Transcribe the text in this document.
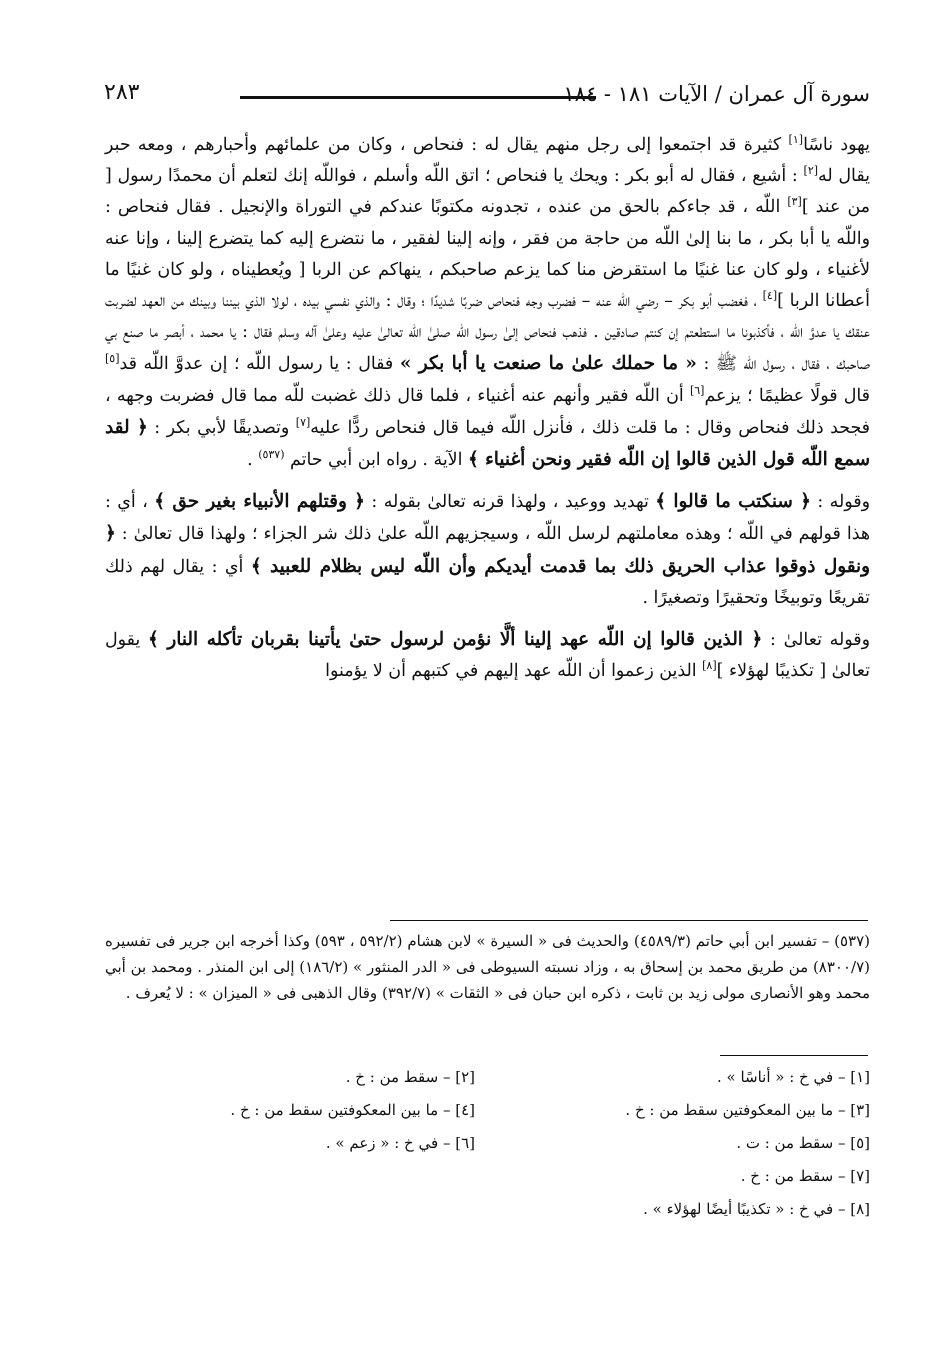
٢٨٣	سورة آل عمران / الآيات ١٨١ - ١٨٤

يهود ناسًا[١] كثيرة قد اجتمعوا إلى رجل منهم يقال له : فنحاص ، وكان من علمائهم وأحبارهم ، ومعه حبر يقال له[٢] : أشيع ، فقال له أبو بكر : ويحك يا فنحاص ؛ اتق اللّه وأسلم ، فواللّه إنك لتعلم أن محمدًا رسول [ من عند ][٣] اللّه ، قد جاءكم بالحق من عنده ، تجدونه مكتوبًا عندكم في التوراة والإنجيل . فقال فنحاص : واللّه يا أبا بكر ، ما بنا إلىٰ اللّه من حاجة من فقر ، وإنه إلينا لفقير ، ما نتضرع إليه كما يتضرع إلينا ، وإنا عنه لأغنياء ، ولو كان عنا غنيًا ما استقرض منا كما يزعم صاحبكم ، ينهاكم عن الربا [ ويُعطيناه ، ولو كان غنيًا ما أعطانا الربا ][٤] ، فغضب أبو بكر – رضي اللّه عنه – فضرب وجه فنحاص ضربًا شديدًا ؛ وقال : والذي نفسي بيده ، لولا الذي بيننا وبينك من العهد لضربت عنقك يا عدوَّ اللّه ، فأكذبونا ما استطعتم إن كنتم صادقين . فذهب فنحاص إلىٰ رسول اللّه صلىٰ اللّه تعالىٰ عليه وعلىٰ آله وسلم فقال : يا محمد ، أبصر ما صنع بي صاحبك ، فقال ، رسول اللّه ﷺ : « ما حملك علىٰ ما صنعت يا أبا بكر » فقال : يا رسول اللّه ؛ إن عدوَّ اللّه قد[٥] قال قولًا عظيمًا ؛ يزعم[٦] أن اللّه فقير وأنهم عنه أغنياء ، فلما قال ذلك غضبت للّه مما قال فضربت وجهه ، فجحد ذلك فنحاص وقال : ما قلت ذلك ، فأنزل اللّه فيما قال فنحاص ردًّا عليه[٧] وتصديقًا لأبي بكر : ﴿ لقد سمع اللّه قول الذين قالوا إن اللّه فقير ونحن أغنياء ﴾ الآية . رواه ابن أبي حاتم $^{(٥٣٧)}$ .

وقوله : ﴿ سنكتب ما قالوا ﴾ تهديد ووعيد ، ولهذا قرنه تعالىٰ بقوله : ﴿ وقتلهم الأنبياء بغير حق ﴾ ، أي : هذا قولهم في اللّه ؛ وهذه معاملتهم لرسل اللّه ، وسيجزيهم اللّه علىٰ ذلك شر الجزاء ؛ ولهذا قال تعالىٰ : ﴿ ونقول ذوقوا عذاب الحريق ذلك بما قدمت أيديكم وأن اللّه ليس بظلام للعبيد ﴾ أي : يقال لهم ذلك تقريعًا وتوبيخًا وتحقيرًا وتصغيرًا .

وقوله تعالىٰ : ﴿ الذين قالوا إن اللّه عهد إلينا ألَّا نؤمن لرسول حتىٰ يأتينا بقربان تأكله النار ﴾ يقول تعالىٰ [ تكذيبًا لهؤلاء ][٨] الذين زعموا أن اللّه عهد إليهم في كتبهم أن لا يؤمنوا

(٥٣٧) – تفسير ابن أبي حاتم (٤٥٨٩/٣) والحديث فى « السيرة » لابن هشام (٥٩٢/٢ ، ٥٩٣) وكذا أخرجه ابن جرير فى تفسيره (٨٣٠٠/٧) من طريق محمد بن إسحاق به ، وزاد نسبته السيوطى فى « الدر المنثور » (١٨٦/٢) إلى ابن المنذر . ومحمد بن أبي محمد وهو الأنصارى مولى زيد بن ثابت ، ذكره ابن حبان فى « الثقات » (٣٩٢/٧) وقال الذهبى فى « الميزان » : لا يُعرف .
[١] – في خ : « أناسًا » .
[٢] – سقط من : خ .
[٣] – ما بين المعكوفتين سقط من : خ .
[٤] – ما بين المعكوفتين سقط من : خ .
[٥] – سقط من : ت .
[٦] – في خ : « زعم » .
[٧] – سقط من : خ .
[٨] – في خ : « تكذيبًا أيضًا لهؤلاء » .
